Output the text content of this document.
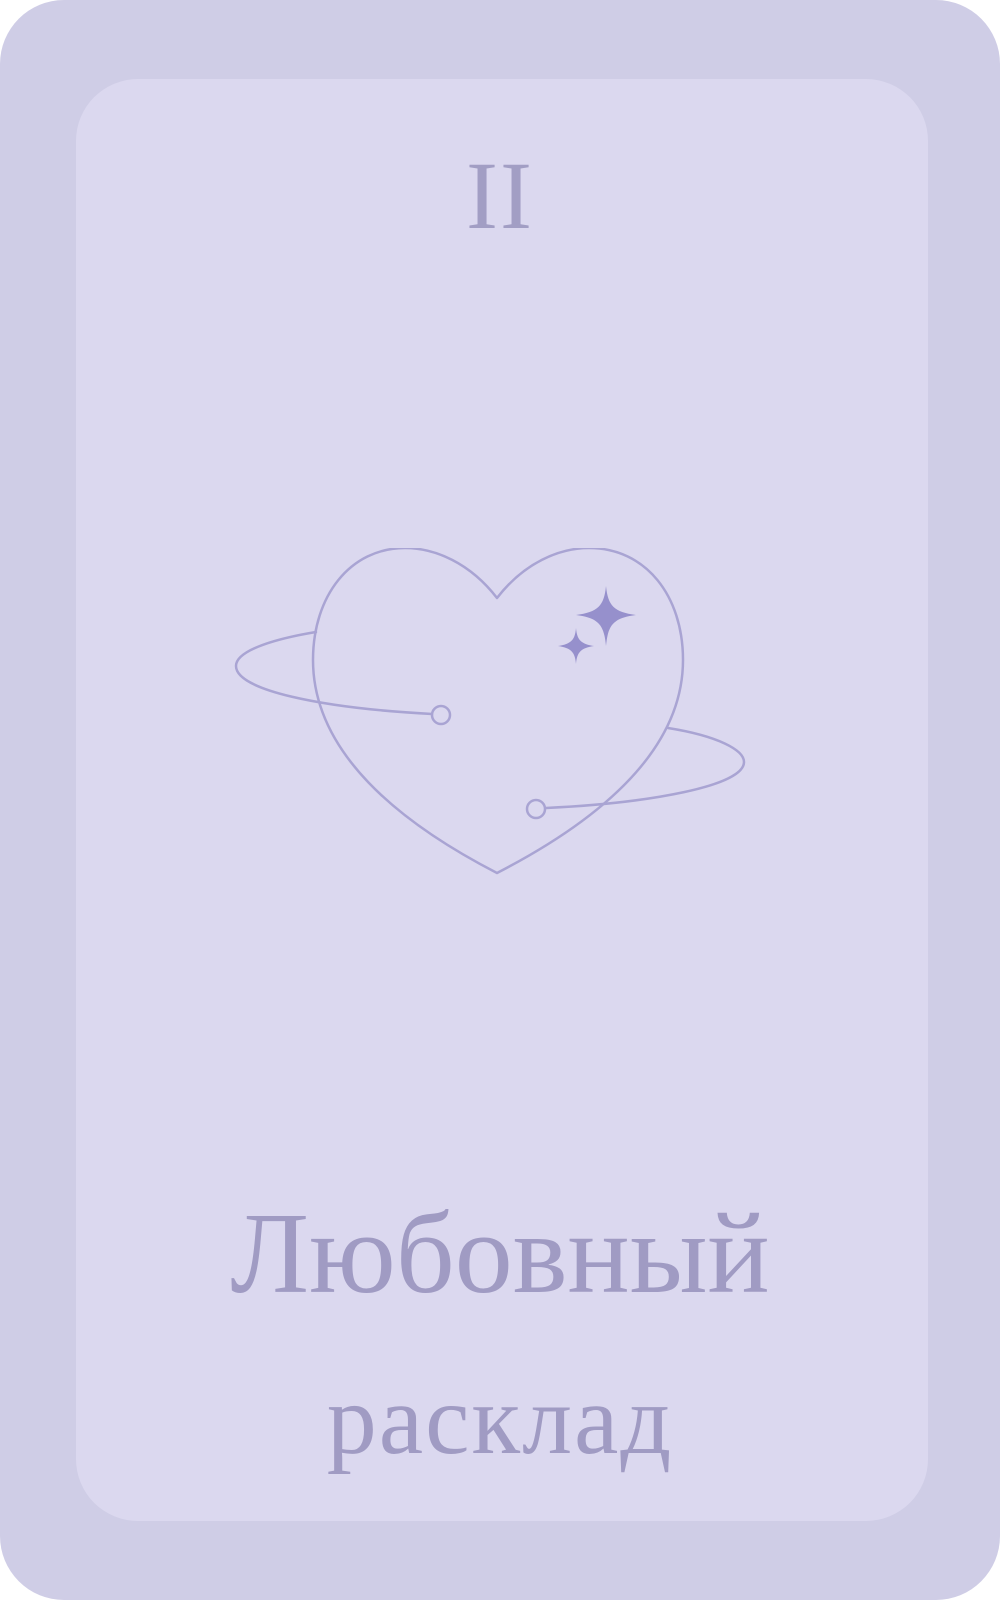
II
Любовный
расклад
